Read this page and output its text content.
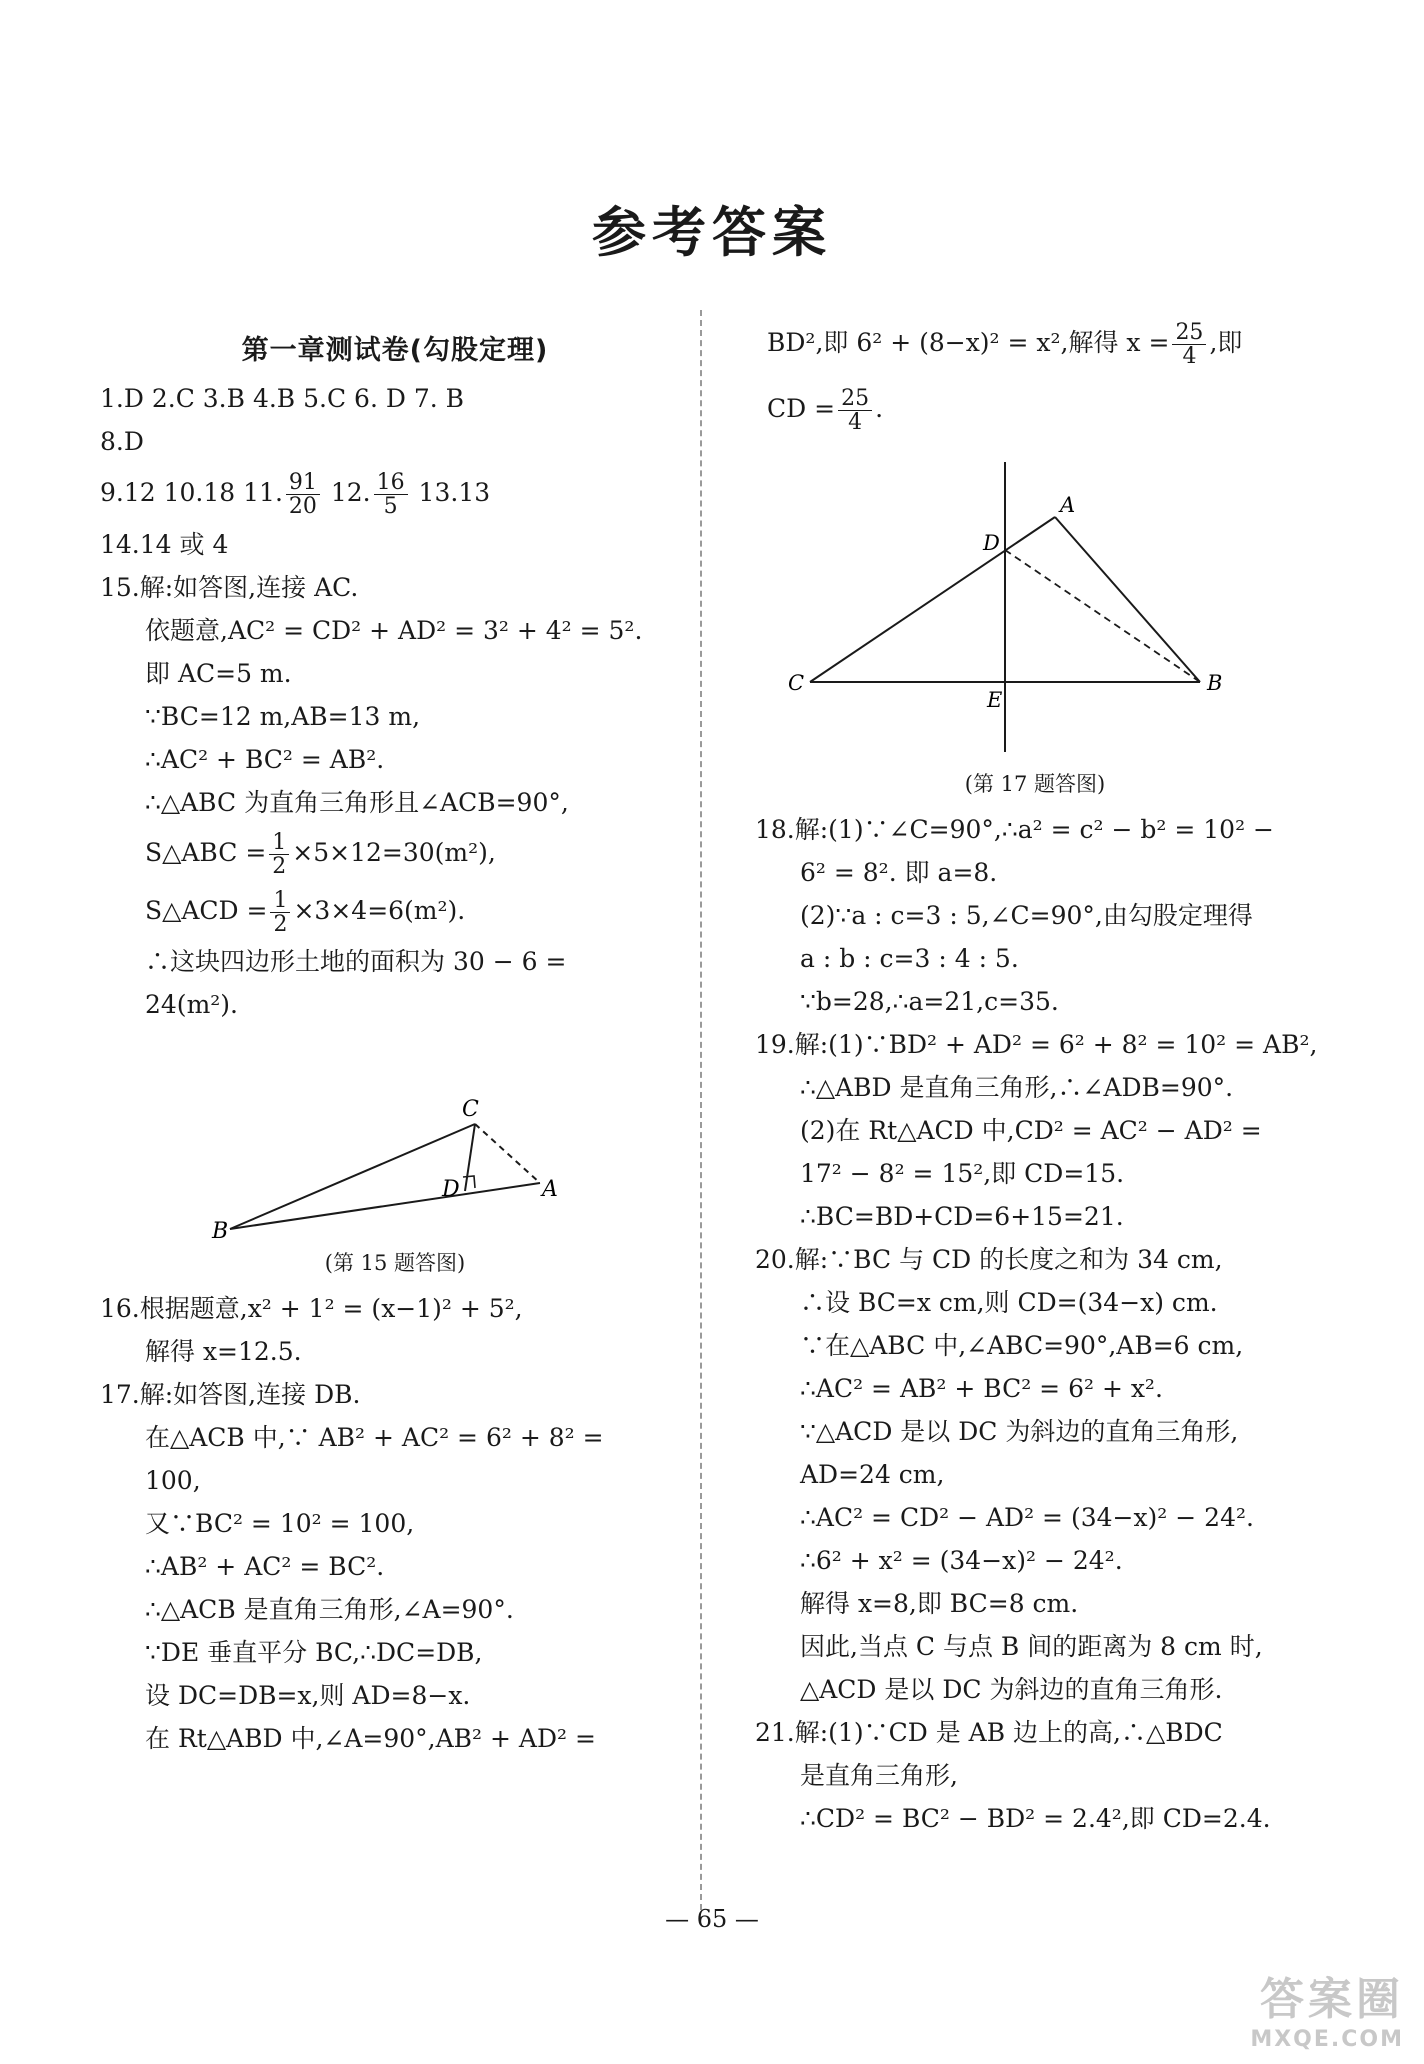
参考答案
第一章测试卷(勾股定理)
1.D 2.C 3.B 4.B 5.C 6. D 7. B
8.D
9.12 10.18 11. $\frac{91}{20} 12$. $\frac{16}{5} 13.13$
14.14 或 4
15.解:如答图,连接 AC.
依题意,AC² = CD² + AD² = 3² + 4² = 5².
即 AC=5 m.
∵BC=12 m,AB=13 m,
∴AC² + BC² = AB².
∴△ABC 为直角三角形且∠ACB=90°,
S△ABC = $\frac{1}{2} \times 5\times 12=30(m^2)$,
S△ACD = $\frac{1}{2} \times 3\times 4=6(m^2)$.
∴这块四边形土地的面积为 30 − 6 =
24(m²).
C
D	A
B
(第 15 题答图)
16.根据题意,x² + 1² = (x−1)² + 5²,
解得 x=12.5.
17.解:如答图,连接 DB.
在△ACB 中,∵ AB² + AC² = 6² + 8² =
100,
又∵BC² = 10² = 100,
∴AB² + AC² = BC².
∴△ACB 是直角三角形,∠A=90°.
∵DE 垂直平分 BC,∴DC=DB,
设 DC=DB=x,则 AD=8−x.
在 Rt△ABD 中,∠A=90°,AB² + AD² =
BD²,即 6² + (8−x)² = x²,解得 $x = \frac{25}{4}$ ,即
CD = $\frac{25}{4}$ .
A
D
C	B
E
(第 17 题答图)
18.解:(1)∵∠C=90°,∴a² = c² − b² = 10² −
6² = 8². 即 a=8.
(2)∵a : c=3 : 5,∠C=90°,由勾股定理得
a : b : c=3 : 4 : 5.
∵b=28,∴a=21,c=35.
19.解:(1)∵BD² + AD² = 6² + 8² = 10² = AB²,
∴△ABD 是直角三角形,∴∠ADB=90°.
(2)在 Rt△ACD 中,CD² = AC² − AD² =
17² − 8² = 15²,即 CD=15.
∴BC=BD+CD=6+15=21.
20.解:∵BC 与 CD 的长度之和为 34 cm,
∴设 BC=x cm,则 CD=(34−x) cm.
∵在△ABC 中,∠ABC=90°,AB=6 cm,
∴AC² = AB² + BC² = 6² + x².
∵△ACD 是以 DC 为斜边的直角三角形,
AD=24 cm,
∴AC² = CD² − AD² = (34−x)² − 24².
∴6² + x² = (34−x)² − 24².
解得 x=8,即 BC=8 cm.
因此,当点 C 与点 B 间的距离为 8 cm 时,
△ACD 是以 DC 为斜边的直角三角形.
21.解:(1)∵CD 是 AB 边上的高,∴△BDC
是直角三角形,
∴CD² = BC² − BD² = 2.4²,即 CD=2.4.
— 65 —
答案圈
MXQE.COM
